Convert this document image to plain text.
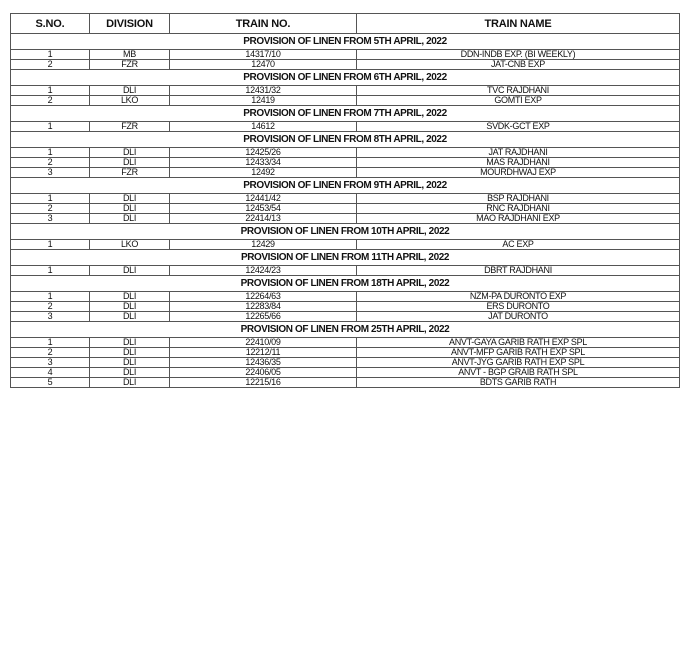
S.NO.	DIVISION	TRAIN NO.	TRAIN NAME
PROVISION OF LINEN FROM 5TH APRIL, 2022			
1	MB	14317/10	DDN-INDB EXP. (BI WEEKLY)
2	FZR	12470	JAT-CNB EXP
PROVISION OF LINEN FROM 6TH APRIL, 2022			
1	DLI	12431/32	TVC RAJDHANI
2	LKO	12419	GOMTI EXP
PROVISION OF LINEN FROM 7TH APRIL, 2022			
1	FZR	14612	SVDK-GCT EXP
PROVISION OF LINEN FROM 8TH APRIL, 2022			
1	DLI	12425/26	JAT RAJDHANI
2	DLI	12433/34	MAS RAJDHANI
3	FZR	12492	MOURDHWAJ EXP
PROVISION OF LINEN FROM 9TH APRIL, 2022			
1	DLI	12441/42	BSP RAJDHANI
2	DLI	12453/54	RNC RAJDHANI
3	DLI	22414/13	MAO RAJDHANI EXP
PROVISION OF LINEN FROM 10TH APRIL, 2022			
1	LKO	12429	AC EXP
PROVISION OF LINEN FROM 11TH APRIL, 2022			
1	DLI	12424/23	DBRT RAJDHANI
PROVISION OF LINEN FROM 18TH APRIL, 2022			
1	DLI	12264/63	NZM-PA DURONTO EXP
2	DLI	12283/84	ERS DURONTO
3	DLI	12265/66	JAT DURONTO
PROVISION OF LINEN FROM 25TH APRIL, 2022			
1	DLI	22410/09	ANVT-GAYA GARIB RATH EXP SPL
2	DLI	12212/11	ANVT-MFP GARIB RATH EXP SPL
3	DLI	12436/35	ANVT-JYG GARIB RATH EXP SPL
4	DLI	22406/05	ANVT - BGP GRAIB RATH SPL
5	DLI	12215/16	BDTS GARIB RATH
